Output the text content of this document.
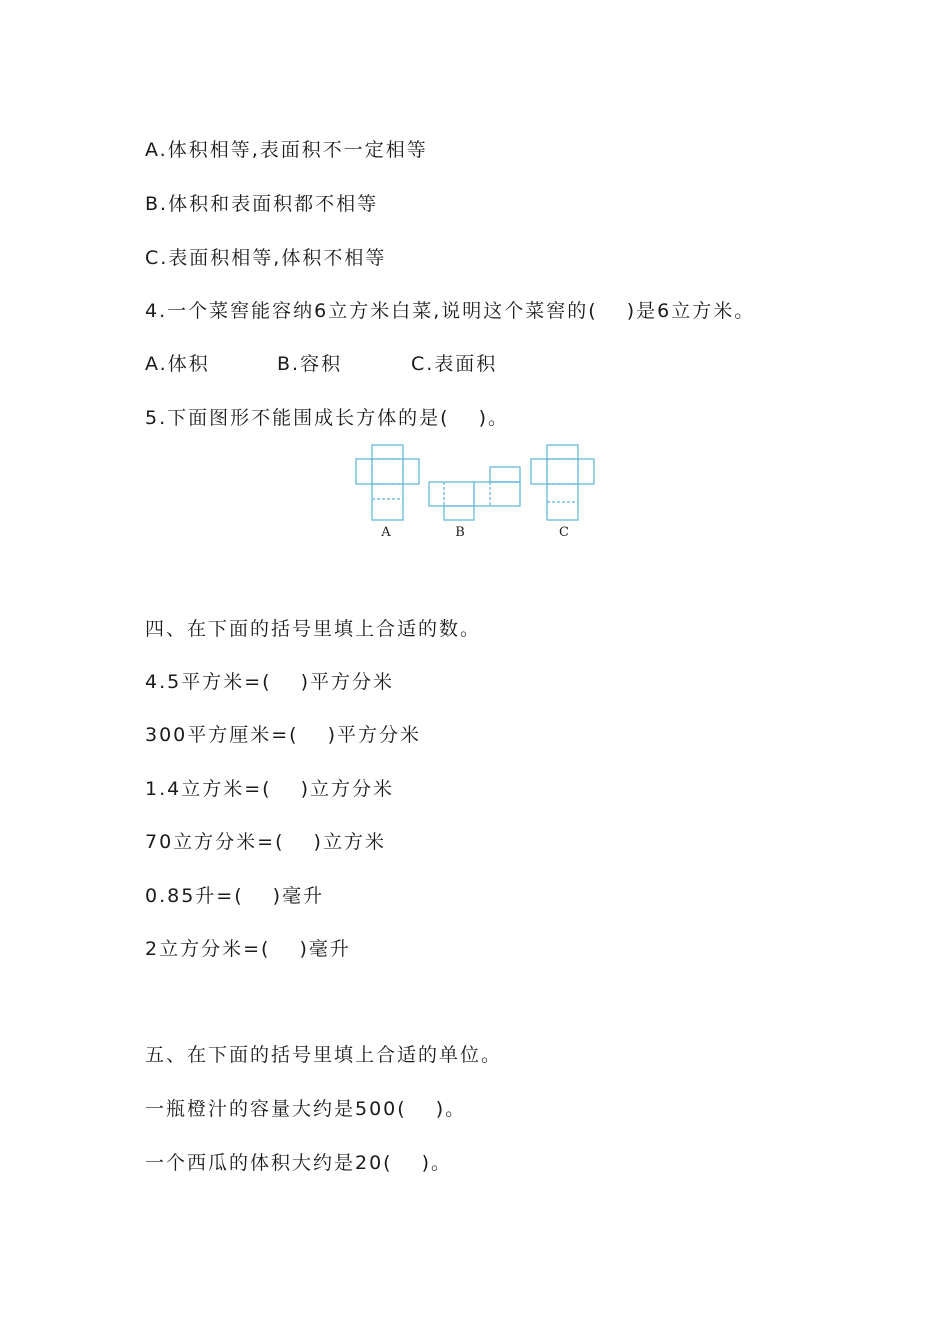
A.体积相等,表面积不一定相等
B.体积和表面积都不相等
C.表面积相等,体积不相等
4.一个菜窖能容纳6立方米白菜,说明这个菜窖的(　 )是6立方米。
A.体积	B.容积	C.表面积
5.下面图形不能围成长方体的是(　 )。
A	B	C
四、在下面的括号里填上合适的数。
4.5平方米=(　 )平方分米
300平方厘米=(　 )平方分米
1.4立方米=(　 )立方分米
70立方分米=(　 )立方米
0.85升=(　 )毫升
2立方分米=(　 )毫升
五、在下面的括号里填上合适的单位。
一瓶橙汁的容量大约是500(　 )。
一个西瓜的体积大约是20(　 )。
